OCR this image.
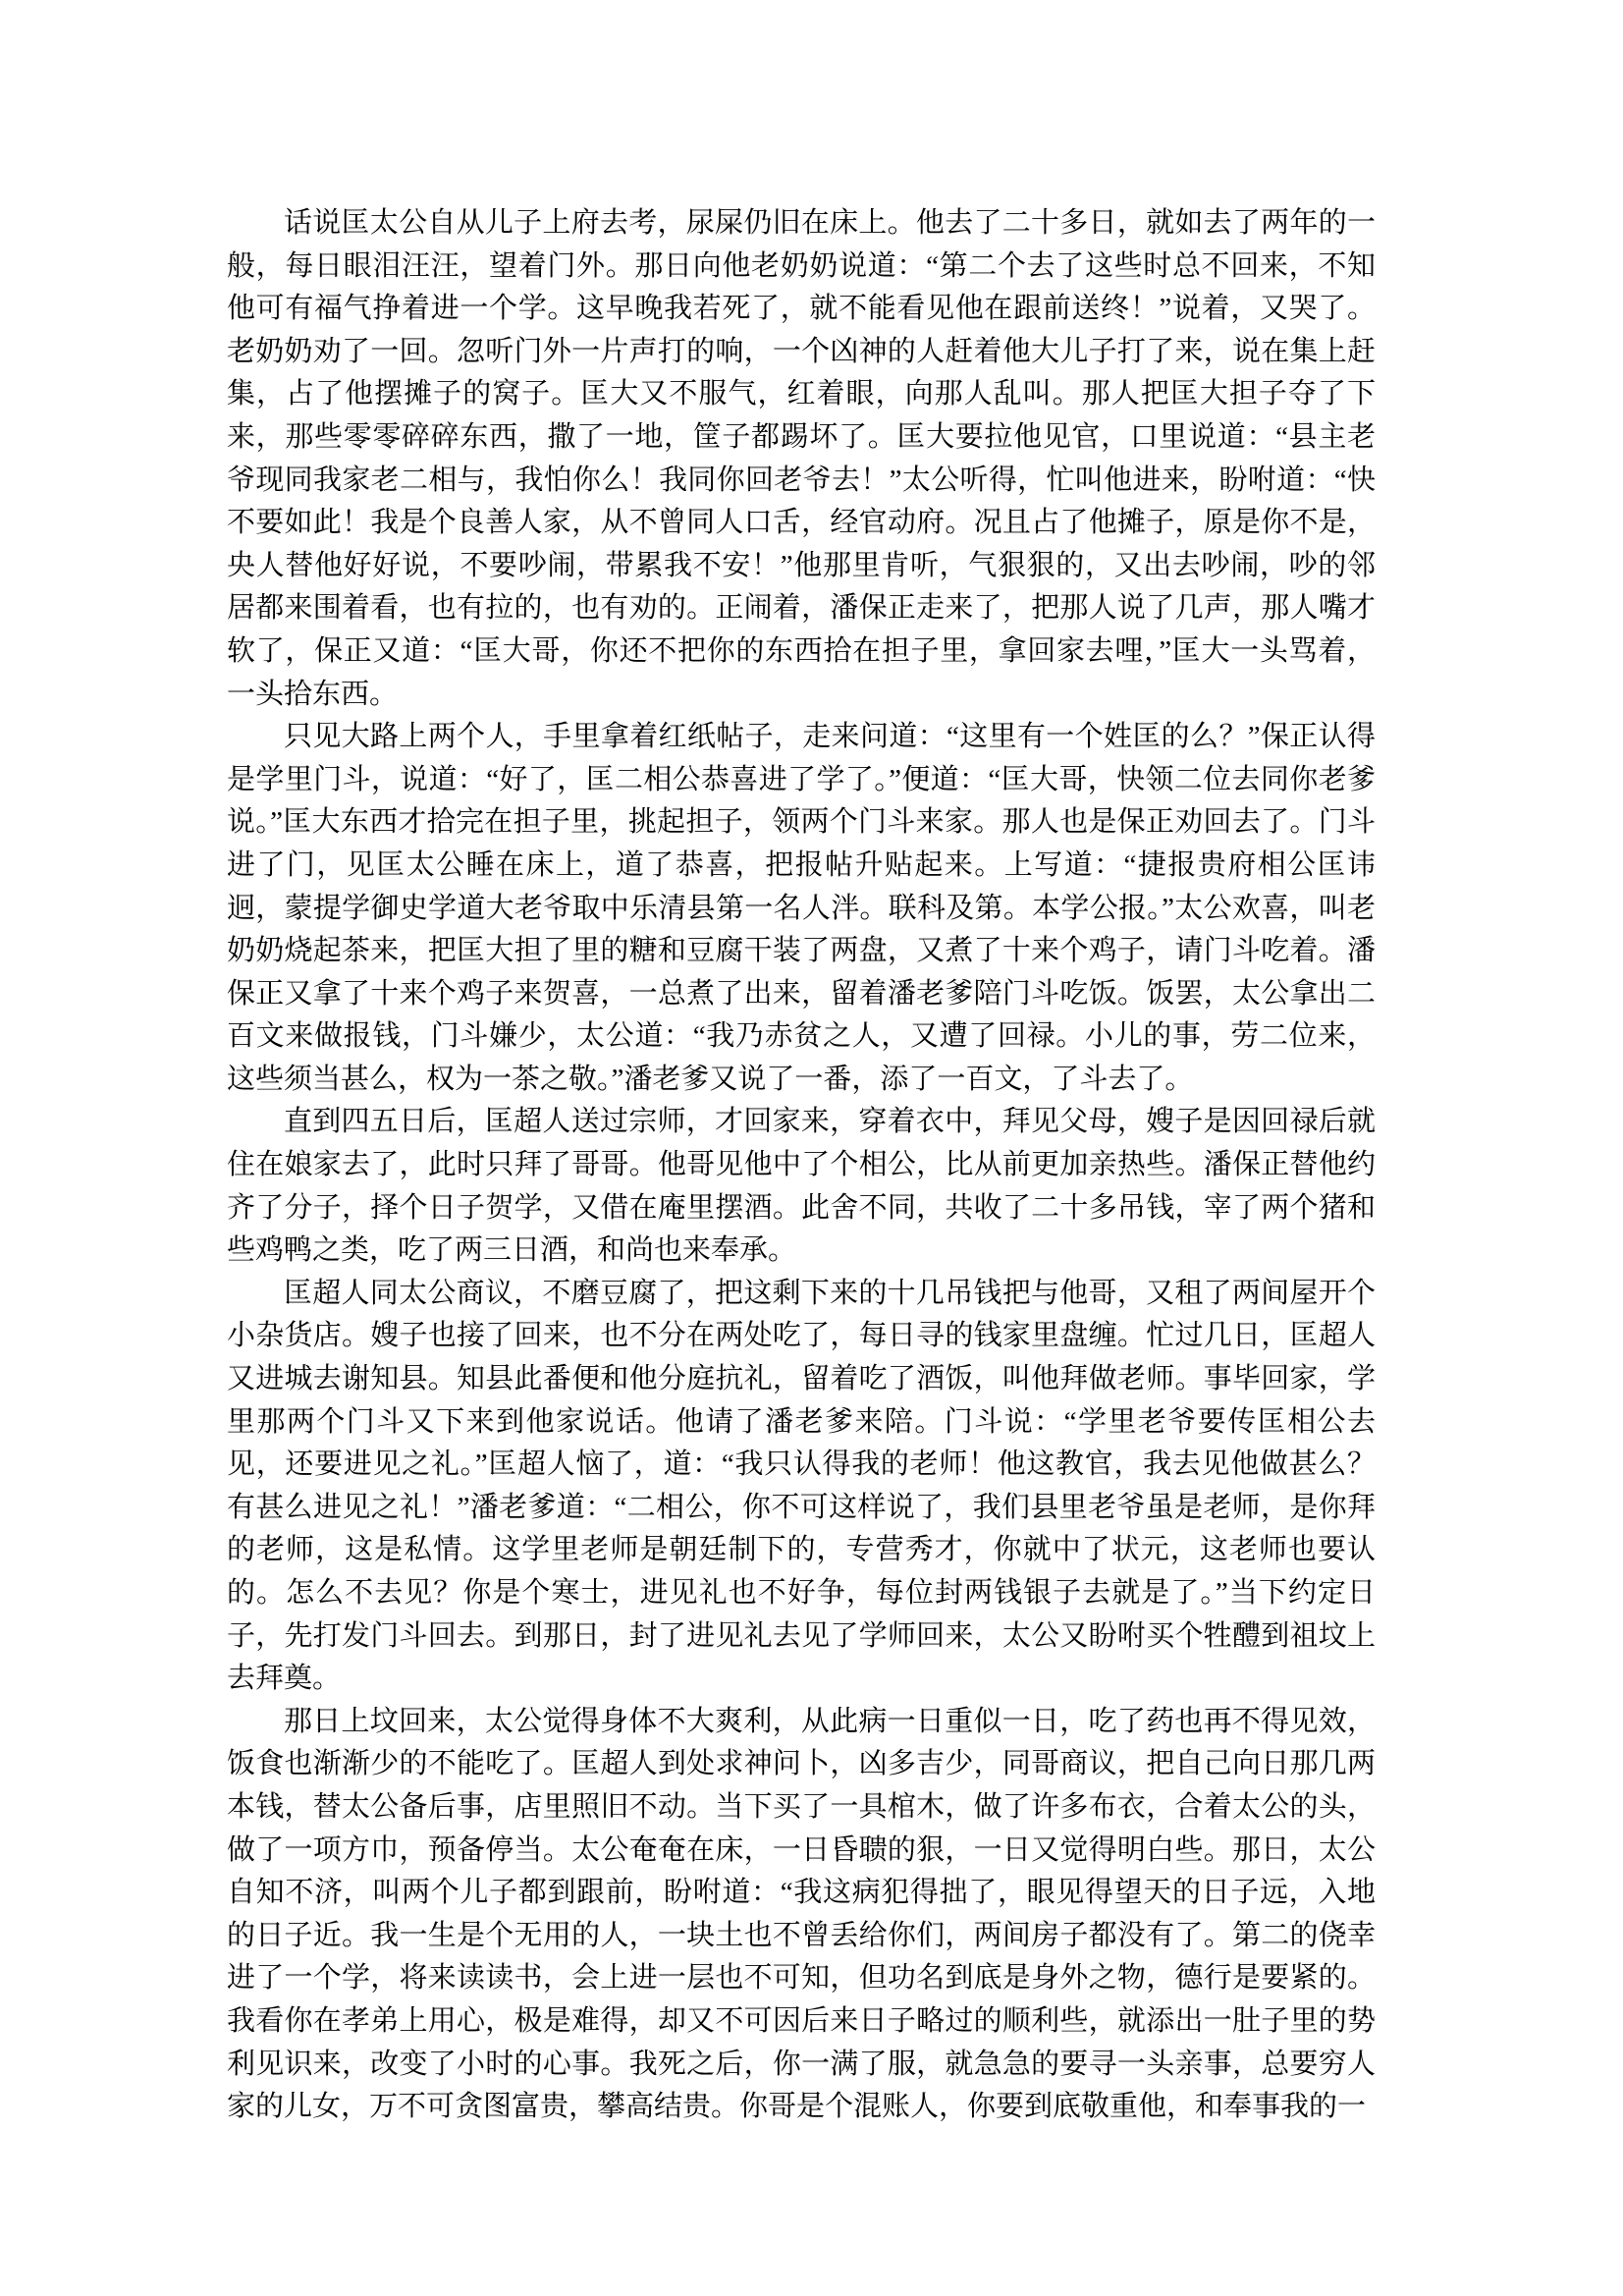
话说匡太公自从儿子上府去考，尿屎仍旧在床上。他去了二十多日，就如去了两年的一般，每日眼泪汪汪，望着门外。那日向他老奶奶说道：“第二个去了这些时总不回来，不知他可有福气挣着进一个学。这早晚我若死了，就不能看见他在跟前送终！”说着，又哭了。老奶奶劝了一回。忽听门外一片声打的响，一个凶神的人赶着他大儿子打了来，说在集上赶集，占了他摆摊子的窝子。匡大又不服气，红着眼，向那人乱叫。那人把匡大担子夺了下来，那些零零碎碎东西，撒了一地，筐子都踢坏了。匡大要拉他见官，口里说道：“县主老爷现同我家老二相与，我怕你么！我同你回老爷去！”太公听得，忙叫他进来，盼咐道：“快不要如此！我是个良善人家，从不曾同人口舌，经官动府。况且占了他摊子，原是你不是，央人替他好好说，不要吵闹，带累我不安！”他那里肯听，气狠狠的，又出去吵闹，吵的邻居都来围着看，也有拉的，也有劝的。正闹着，潘保正走来了，把那人说了几声，那人嘴才软了，保正又道：“匡大哥，你还不把你的东西拾在担子里，拿回家去哩，”匡大一头骂着，一头拾东西。

只见大路上两个人，手里拿着红纸帖子，走来问道：“这里有一个姓匡的么？”保正认得是学里门斗，说道：“好了，匡二相公恭喜进了学了。”便道：“匡大哥，快领二位去同你老爹说。”匡大东西才拾完在担子里，挑起担子，领两个门斗来家。那人也是保正劝回去了。门斗进了门，见匡太公睡在床上，道了恭喜，把报帖升贴起来。上写道：“捷报贵府相公匡讳迥，蒙提学御史学道大老爷取中乐清县第一名人泮。联科及第。本学公报。”太公欢喜，叫老奶奶烧起茶来，把匡大担了里的糖和豆腐干装了两盘，又煮了十来个鸡子，请门斗吃着。潘保正又拿了十来个鸡子来贺喜，一总煮了出来，留着潘老爹陪门斗吃饭。饭罢，太公拿出二百文来做报钱，门斗嫌少，太公道：“我乃赤贫之人，又遭了回禄。小儿的事，劳二位来，这些须当甚么，权为一茶之敬。”潘老爹又说了一番，添了一百文，了斗去了。

直到四五日后，匡超人送过宗师，才回家来，穿着衣中，拜见父母，嫂子是因回禄后就住在娘家去了，此时只拜了哥哥。他哥见他中了个相公，比从前更加亲热些。潘保正替他约齐了分子，择个日子贺学，又借在庵里摆酒。此舍不同，共收了二十多吊钱，宰了两个猪和些鸡鸭之类，吃了两三日酒，和尚也来奉承。

匡超人同太公商议，不磨豆腐了，把这剩下来的十几吊钱把与他哥，又租了两间屋开个小杂货店。嫂子也接了回来，也不分在两处吃了，每日寻的钱家里盘缠。忙过几日，匡超人又进城去谢知县。知县此番便和他分庭抗礼，留着吃了酒饭，叫他拜做老师。事毕回家，学里那两个门斗又下来到他家说话。他请了潘老爹来陪。门斗说：“学里老爷要传匡相公去见，还要进见之礼。”匡超人恼了，道：“我只认得我的老师！他这教官，我去见他做甚么？有甚么进见之礼！”潘老爹道：“二相公，你不可这样说了，我们县里老爷虽是老师，是你拜的老师，这是私情。这学里老师是朝廷制下的，专营秀才，你就中了状元，这老师也要认的。怎么不去见？你是个寒士，进见礼也不好争，每位封两钱银子去就是了。”当下约定日子，先打发门斗回去。到那日，封了进见礼去见了学师回来，太公又盼咐买个牲醴到祖坟上去拜奠。

那日上坟回来，太公觉得身体不大爽利，从此病一日重似一日，吃了药也再不得见效，饭食也渐渐少的不能吃了。匡超人到处求神问卜，凶多吉少，同哥商议，把自己向日那几两本钱，替太公备后事，店里照旧不动。当下买了一具棺木，做了许多布衣，合着太公的头，做了一项方巾，预备停当。太公奄奄在床，一日昏聩的狠，一日又觉得明白些。那日，太公自知不济，叫两个儿子都到跟前，盼咐道：“我这病犯得拙了，眼见得望天的日子远，入地的日子近。我一生是个无用的人，一块土也不曾丢给你们，两间房子都没有了。第二的侥幸进了一个学，将来读读书，会上进一层也不可知，但功名到底是身外之物，德行是要紧的。我看你在孝弟上用心，极是难得，却又不可因后来日子略过的顺利些，就添出一肚子里的势利见识来，改变了小时的心事。我死之后，你一满了服，就急急的要寻一头亲事，总要穷人家的儿女，万不可贪图富贵，攀高结贵。你哥是个混账人，你要到底敬重他，和奉事我的一
